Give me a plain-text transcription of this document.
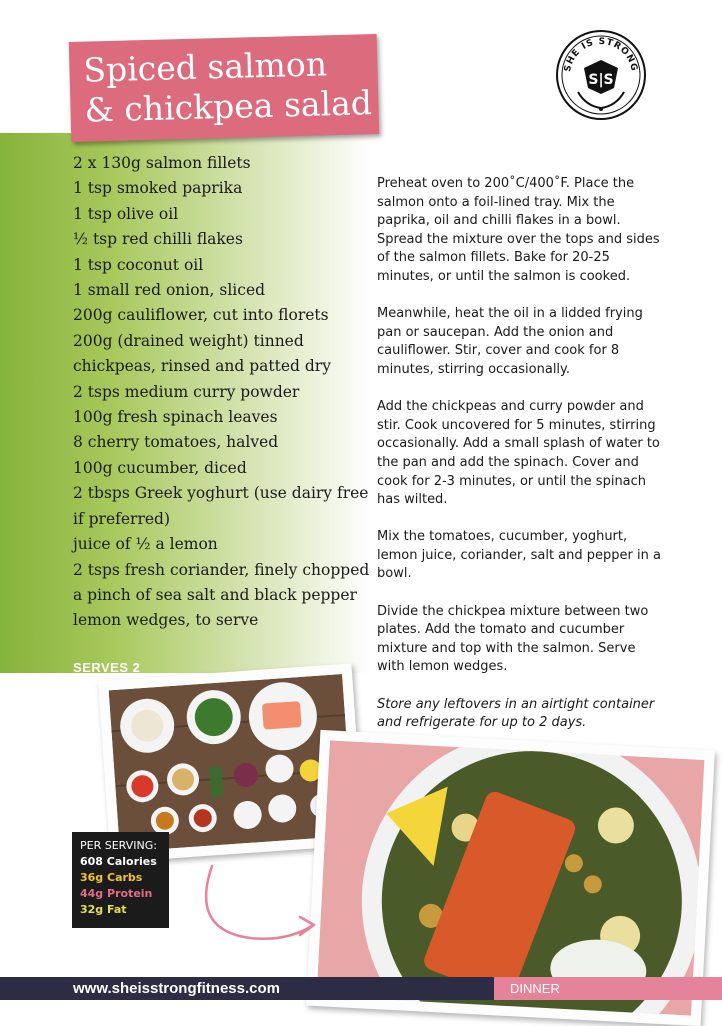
Spiced salmon
& chickpea salad
SHE IS STRONG
S|S
2 x 130g salmon fillets
1 tsp smoked paprika
1 tsp olive oil
½ tsp red chilli flakes
1 tsp coconut oil
1 small red onion, sliced
200g cauliflower, cut into florets
200g (drained weight) tinned
chickpeas, rinsed and patted dry
2 tsps medium curry powder
100g fresh spinach leaves
8 cherry tomatoes, halved
100g cucumber, diced
2 tbsps Greek yoghurt (use dairy free
if preferred)
juice of ½ a lemon
2 tsps fresh coriander, finely chopped
a pinch of sea salt and black pepper
lemon wedges, to serve
SERVES 2

Preheat oven to 200˚C/400˚F. Place the salmon onto a foil-lined tray. Mix the paprika, oil and chilli flakes in a bowl. Spread the mixture over the tops and sides of the salmon fillets. Bake for 20-25 minutes, or until the salmon is cooked.

Meanwhile, heat the oil in a lidded frying pan or saucepan. Add the onion and cauliflower. Stir, cover and cook for 8 minutes, stirring occasionally.

Add the chickpeas and curry powder and stir. Cook uncovered for 5 minutes, stirring occasionally. Add a small splash of water to the pan and add the spinach. Cover and cook for 2-3 minutes, or until the spinach has wilted.

Mix the tomatoes, cucumber, yoghurt, lemon juice, coriander, salt and pepper in a bowl.

Divide the chickpea mixture between two plates. Add the tomato and cucumber mixture and top with the salmon. Serve with lemon wedges.

Store any leftovers in an airtight container and refrigerate for up to 2 days.

PER SERVING:
608 Calories
36g Carbs
44g Protein
32g Fat
www.sheisstrongfitness.com	DINNER
